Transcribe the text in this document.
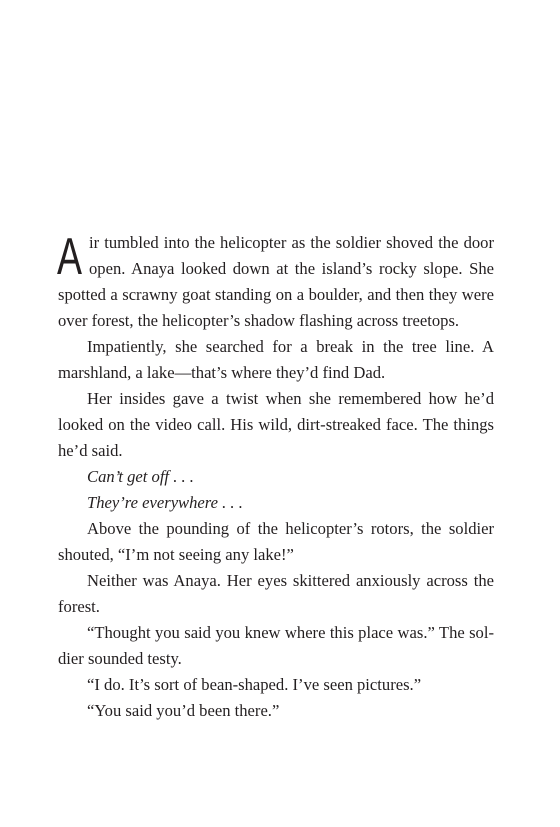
Air tumbled into the helicopter as the soldier shoved the door open. Anaya looked down at the island’s rocky slope. She spotted a scrawny goat standing on a boulder, and then they were over forest, the helicopter’s shadow flashing across treetops.

Impatiently, she searched for a break in the tree line. A marshland, a lake—that’s where they’d find Dad.

Her insides gave a twist when she remembered how he’d looked on the video call. His wild, dirt-streaked face. The things he’d said.

Can’t get off . . .

They’re everywhere . . .

Above the pounding of the helicopter’s rotors, the soldier shouted, “I’m not seeing any lake!”

Neither was Anaya. Her eyes skittered anxiously across the forest.

“Thought you said you knew where this place was.” The soldier sounded testy.

“I do. It’s sort of bean-shaped. I’ve seen pictures.”

“You said you’d been there.”
